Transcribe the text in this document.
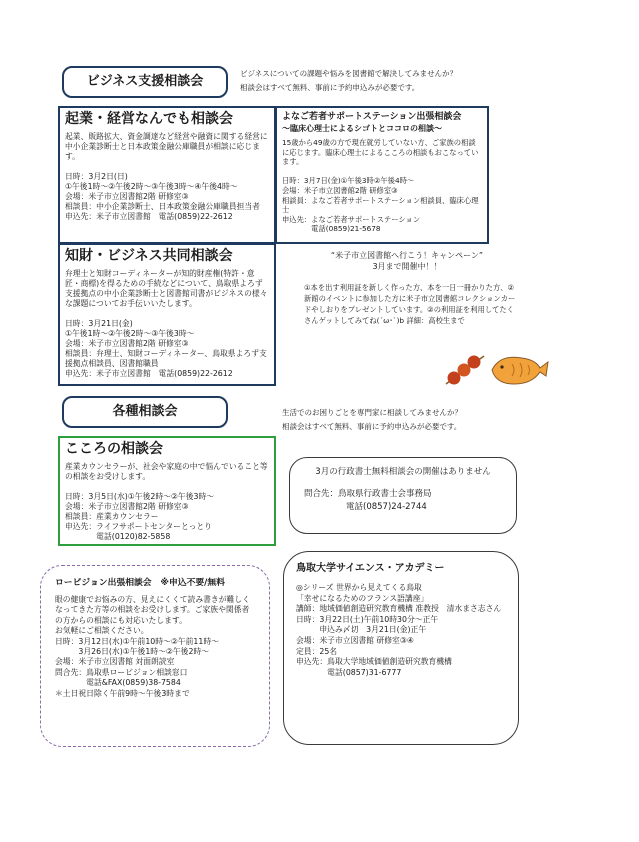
ビジネス支援相談会
ビジネスについての課題や悩みを図書館で解決してみませんか？
相談会はすべて無料、事前に予約申込みが必要です。
起業・経営なんでも相談会
起業、販路拡大、資金調達など経営や融資に関する経営に中小企業診断士と日本政策金融公庫職員が相談に応じます。

日時：3月2日(日)
①午後1時～②午後2時～③午後3時～④午後4時～
会場：米子市立図書館2階 研修室③
相談員：中小企業診断士、日本政策金融公庫職員担当者
申込先：米子市立図書館　電話(0859)22-2612
よなご若者サポートステーション出張相談会
～臨床心理士によるシゴトとココロの相談～
15歳から49歳の方で現在就労していない方、ご家族の相談に応じます。臨床心理士によるこころの相談もおこなっています。

日時：3月7日(金)①午後3時②午後4時～
会場：米子市立図書館2階 研修室③
相談員：よなご若者サポートステーション相談員、臨床心理士
申込先：よなご若者サポートステーション
　　　　電話(0859)21-5678
知財・ビジネス共同相談会
弁理士と知財コーディネーターが知的財産権(特許・意匠・商標)を得るための手続などについて、鳥取県よろず支援拠点の中小企業診断士と図書館司書がビジネスの様々な課題についてお手伝いいたします。

日時：3月21日(金)
①午後1時～②午後2時～③午後3時～
会場：米子市立図書館2階 研修室③
相談員：弁理士、知財コーディネーター、鳥取県よろず支援拠点相談員、図書館職員
申込先：米子市立図書館　電話(0859)22-2612
“米子市立図書館へ行こう！キャンペーン”
3月まで開催中！！
①本を出す利用証を新しく作った方、本を一日一冊かりた方、②新館のイベントに参加した方に米子市立図書館コレクションカードやしおりをプレゼントしています。②の利用証を利用してたくさんゲットしてみてね(´ω･`)b 詳細：高校生まで
各種相談会	生活でのお困りごとを専門家に相談してみませんか？
相談会はすべて無料、事前に予約申込みが必要です。
こころの相談会
産業カウンセラーが、社会や家庭の中で悩んでいること等の相談をお受けします。

日時：3月5日(水)①午後2時～②午後3時～
会場：米子市立図書館2階 研修室③
相談員：産業カウンセラー
申込先：ライフサポートセンターとっとり
　　　　電話(0120)82-5858
3月の行政書士無料相談会の開催はありません
問合先：鳥取県行政書士会事務局
電話(0857)24-2744
ロービジョン出張相談会　※申込不要/無料
眼の健康でお悩みの方、見えにくくて読み書きが難しくなってきた方等の相談をお受けします。ご家族や関係者の方からの相談にも対応いたします。
お気軽にご相談ください。
日時：3月12日(水)①午前10時～②午前11時～
　　　3月26日(水)①午後1時～②午後2時～
会場：米子市立図書館 対面朗読室
問合先：鳥取県ロービジョン相談窓口
　　　　電話&FAX(0859)38-7584
＊土日祝日除く午前9時～午後3時まで
鳥取大学サイエンス・アカデミー
◎シリーズ 世界から見えてくる鳥取
「幸せになるためのフランス語講座」
講師：地域価値創造研究教育機構 准教授　清水まさ志さん
日時：3月22日(土)午前10時30分～正午
　　　申込み〆切　3月21日(金)正午
会場：米子市立図書館 研修室③④
定員：25名
申込先：鳥取大学地域価値創造研究教育機構
　　　　電話(0857)31-6777
